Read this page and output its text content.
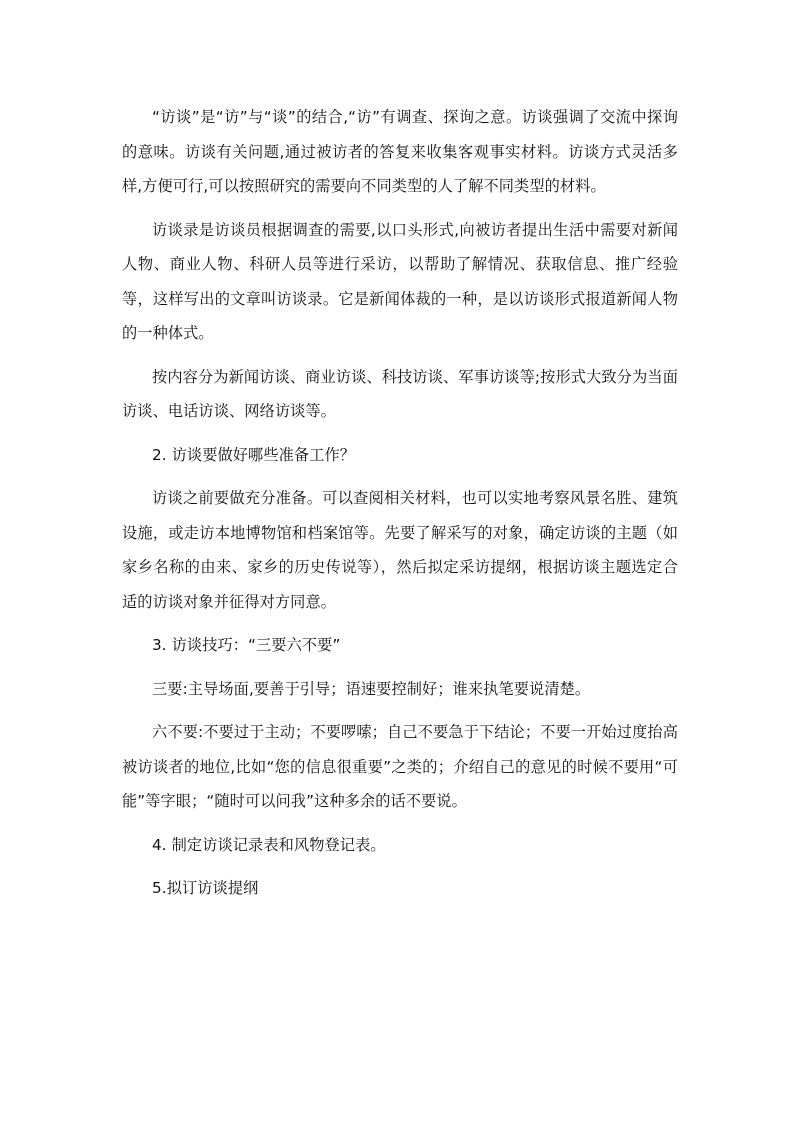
“访谈”是“访”与“谈”的结合,“访”有调查、探询之意。访谈强调了交流中探询的意味。访谈有关问题,通过被访者的答复来收集客观事实材料。访谈方式灵活多样,方便可行,可以按照研究的需要向不同类型的人了解不同类型的材料。

访谈录是访谈员根据调查的需要,以口头形式,向被访者提出生活中需要对新闻人物、商业人物、科研人员等进行采访，以帮助了解情况、获取信息、推广经验等，这样写出的文章叫访谈录。它是新闻体裁的一种，是以访谈形式报道新闻人物的一种体式。

按内容分为新闻访谈、商业访谈、科技访谈、军事访谈等;按形式大致分为当面访谈、电话访谈、网络访谈等。

2. 访谈要做好哪些准备工作？

访谈之前要做充分准备。可以查阅相关材料，也可以实地考察风景名胜、建筑设施，或走访本地博物馆和档案馆等。先要了解采写的对象，确定访谈的主题（如家乡名称的由来、家乡的历史传说等），然后拟定采访提纲，根据访谈主题选定合适的访谈对象并征得对方同意。

3. 访谈技巧：“三要六不要”

三要:主导场面,要善于引导；语速要控制好；谁来执笔要说清楚。

六不要:不要过于主动；不要啰嗦；自己不要急于下结论；不要一开始过度抬高被访谈者的地位,比如“您的信息很重要”之类的；介绍自己的意见的时候不要用“可能”等字眼；“随时可以问我”这种多余的话不要说。

4. 制定访谈记录表和风物登记表。

5.拟订访谈提纲
